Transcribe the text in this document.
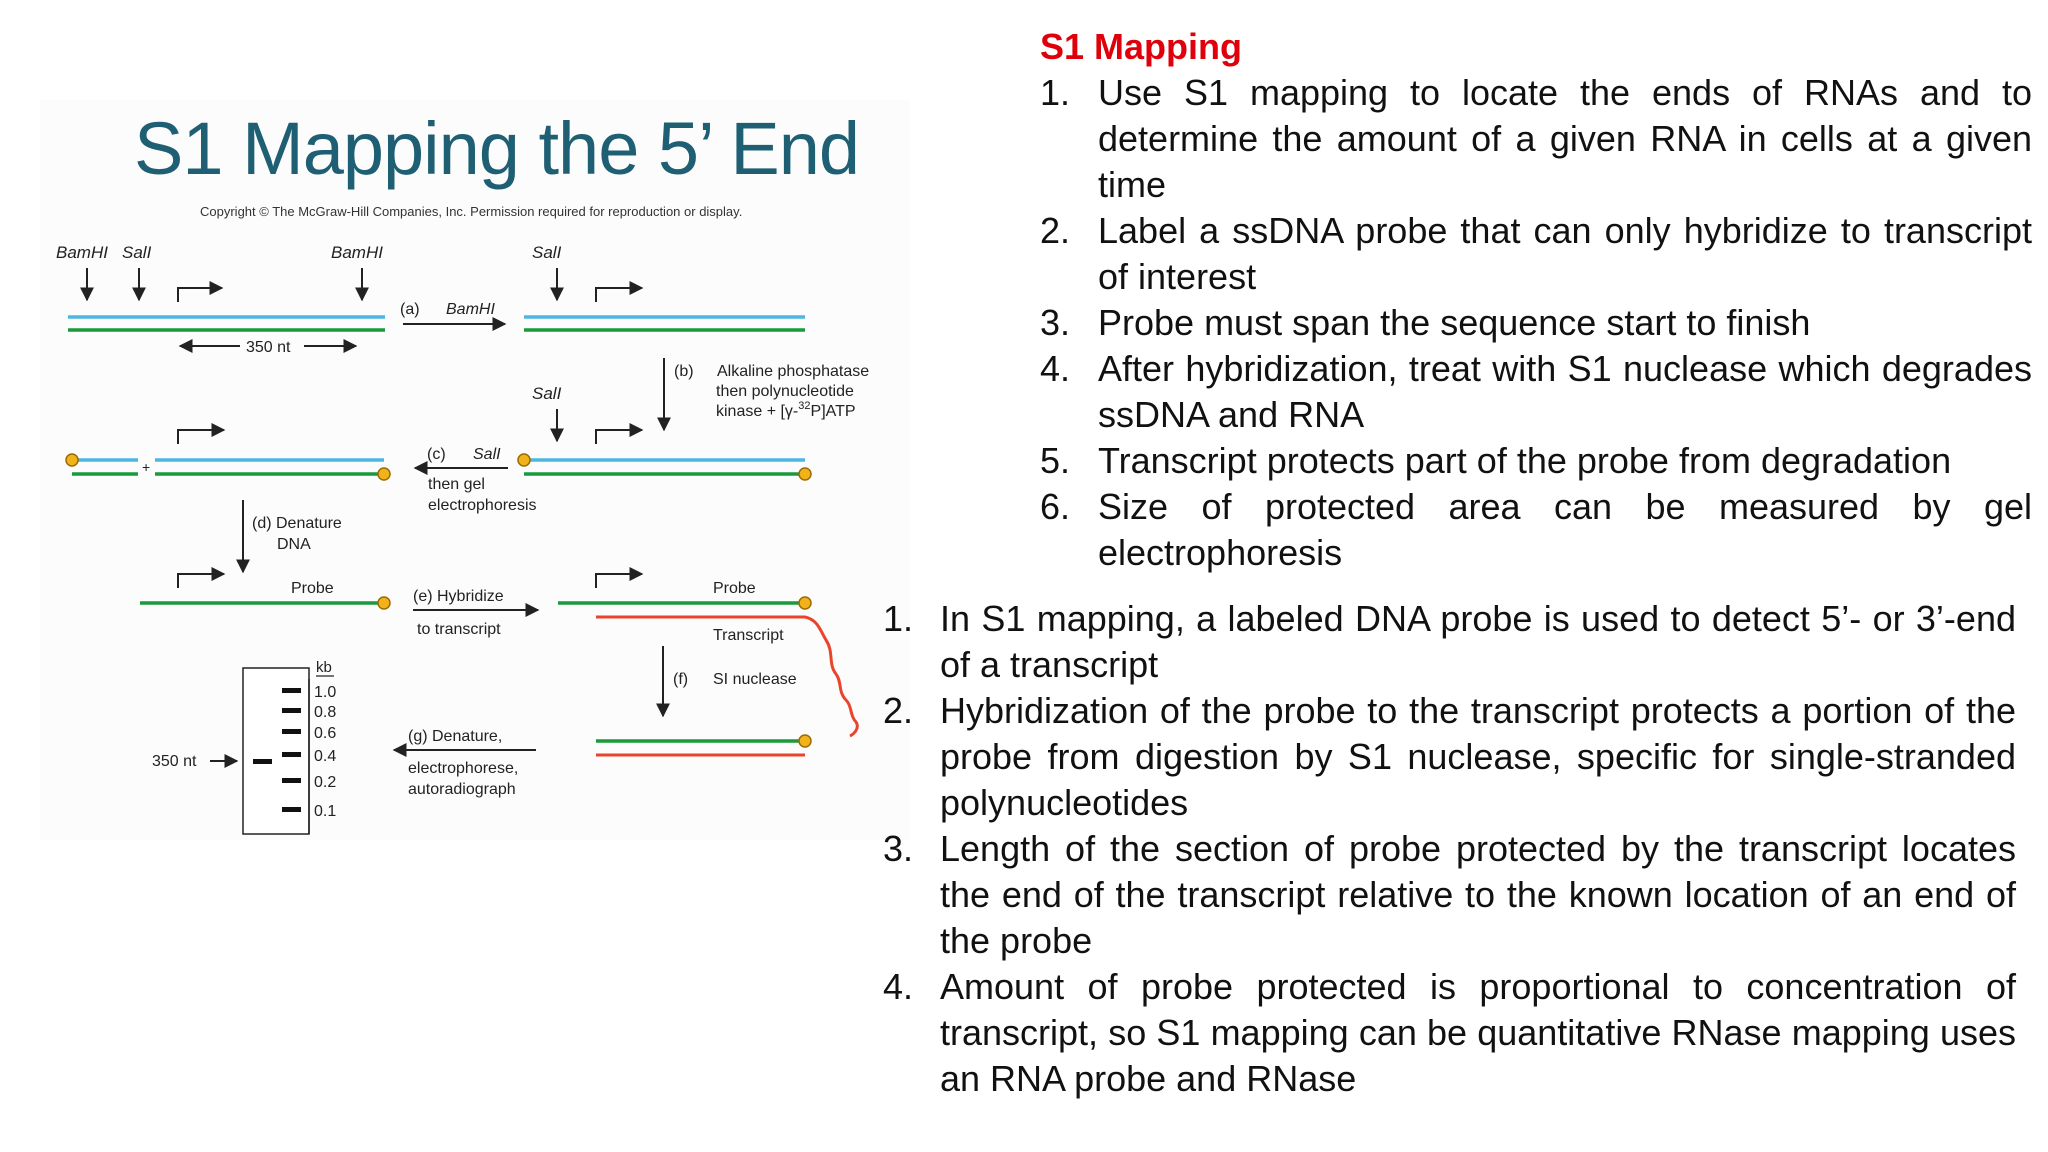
S1 Mapping the 5’ End
Copyright © The McGraw-Hill Companies, Inc. Permission required for reproduction or display.
BamHI SalI	BamHI
350 nt
(a) BamHI
SalI
(b) Alkaline phosphatase
then polynucleotide
kinase + [γ-$^{32}$P]ATP
SalI
(c) SalI
then gel
electrophoresis
+
(d) Denature
DNA
Probe	(e) Hybridize
to transcript
Probe
Transcript
(f) SI nuclease
(g) Denature,
electrophorese,
autoradiograph
kb
1.0
0.8
0.6
0.4
0.2
0.1
350 nt
S1 Mapping
1. Use S1 mapping to locate the ends of RNAs and to determine the amount of a given RNA in cells at a given time
2. Label a ssDNA probe that can only hybridize to transcript of interest
3. Probe must span the sequence start to finish
4. After hybridization, treat with S1 nuclease which degrades ssDNA and RNA
5. Transcript protects part of the probe from degradation
6. Size of protected area can be measured by gel electrophoresis
1. In S1 mapping, a labeled DNA probe is used to detect 5’- or 3’-end of a transcript
2. Hybridization of the probe to the transcript protects a portion of the probe from digestion by S1 nuclease, specific for single-stranded polynucleotides
3. Length of the section of probe protected by the transcript locates the end of the transcript relative to the known location of an end of the probe
4. Amount of probe protected is proportional to concentration of transcript, so S1 mapping can be quantitative RNase mapping uses an RNA probe and RNase
